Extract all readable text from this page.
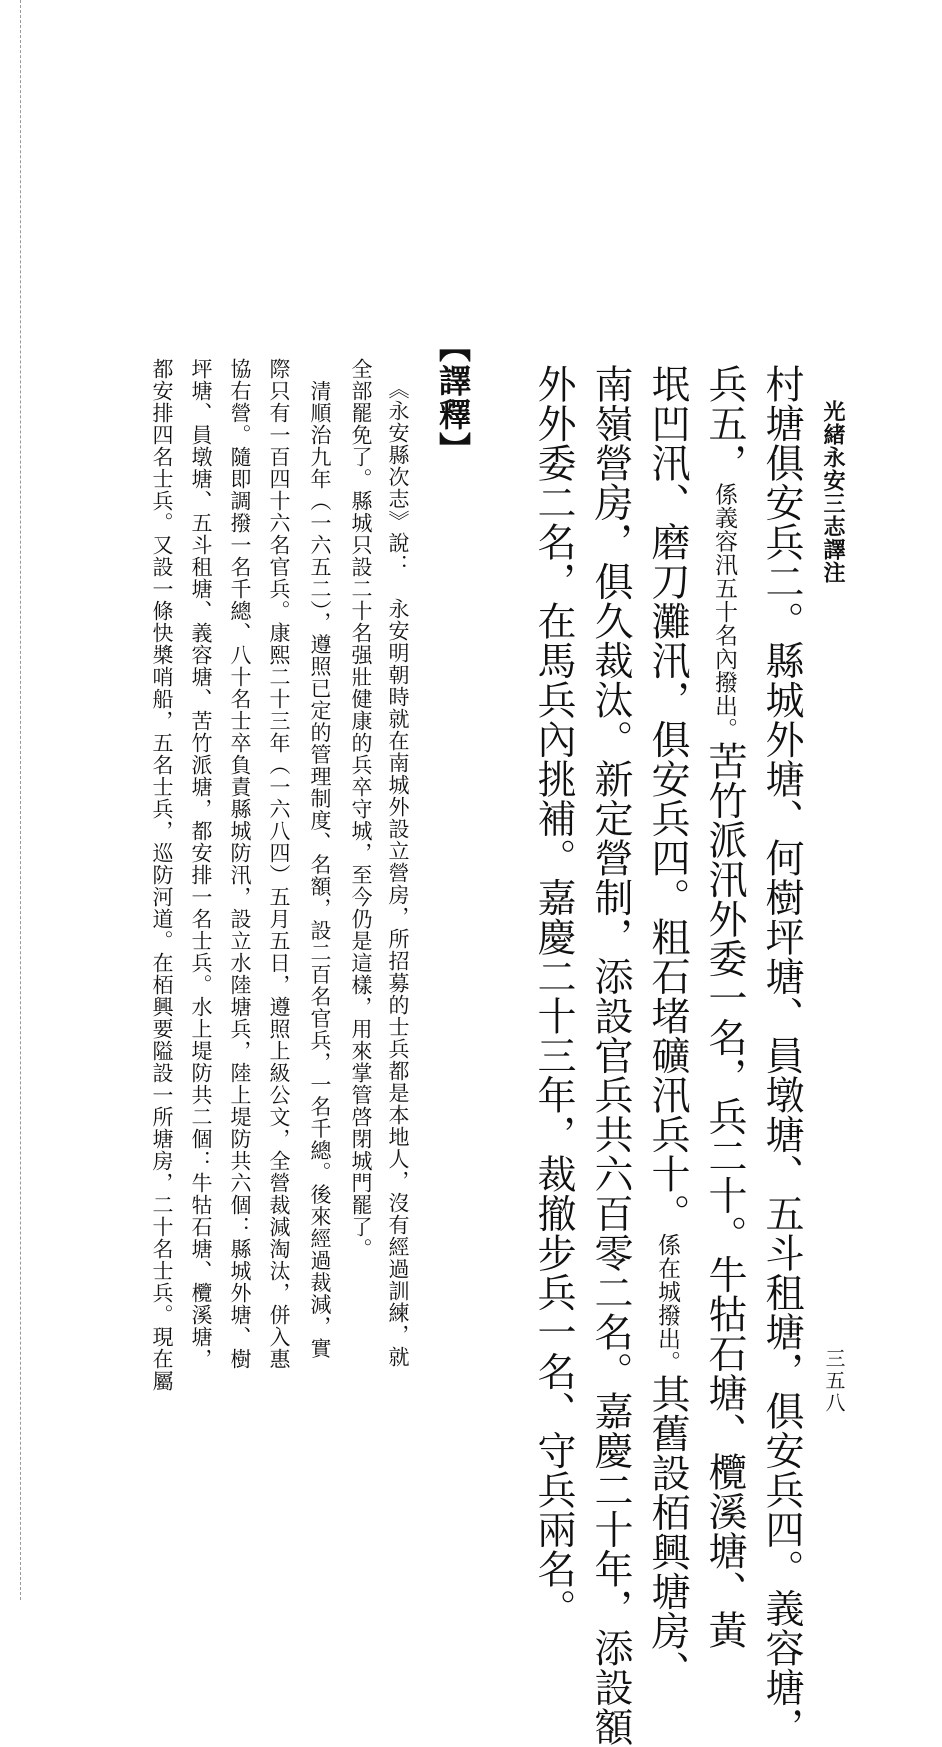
光緒永安三志譯注
三五八
村塘俱安兵二。縣城外塘、何樹坪塘、員墩塘、五斗租塘，俱安兵四。義容塘，
兵五，係義容汛五十名內撥出。苦竹派汛外委一名，兵二十。牛牯石塘、欖溪塘、黃
垊凹汛、磨刀灘汛，俱安兵四。粗石堵礦汛兵十。係在城撥出。其舊設栢興塘房、
南嶺營房，俱久裁汰。新定營制，添設官兵共六百零二名。嘉慶二十年，添設額
外外委二名，在馬兵內挑補。嘉慶二十三年，裁撤步兵一名、守兵兩名。
【譯釋】
《永安縣次志》說：　永安明朝時就在南城外設立營房，所招募的士兵都是本地人，沒有經過訓練，就
全部罷免了。縣城只設二十名强壯健康的兵卒守城，至今仍是這樣，用來掌管啓閉城門罷了。
清順治九年（一六五二），遵照已定的管理制度、名額，設二百名官兵，一名千總。後來經過裁減，實
際只有一百四十六名官兵。康熙二十三年（一六八四）五月五日，遵照上級公文，全營裁減淘汰，併入惠
協右營。隨即調撥一名千總、八十名士卒負責縣城防汛，設立水陸塘兵，陸上堤防共六個：縣城外塘、樹
坪塘、員墩塘、五斗租塘、義容塘、苦竹派塘，都安排一名士兵。水上堤防共二個：牛牯石塘、欖溪塘，
都安排四名士兵。又設一條快槳哨船，五名士兵，巡防河道。在栢興要隘設一所塘房，二十名士兵。現在屬
